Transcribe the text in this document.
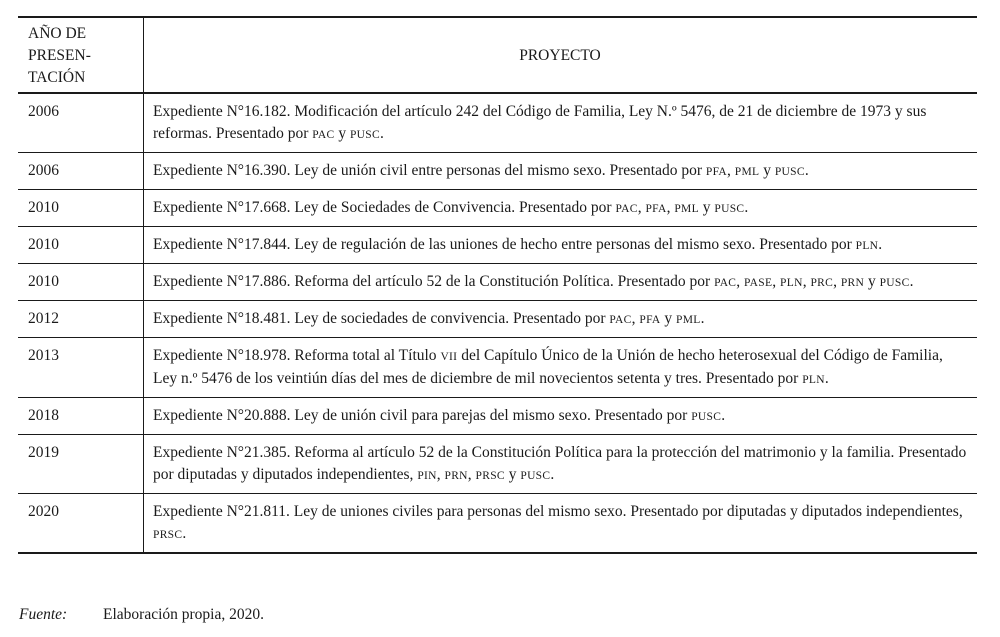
AÑO DE
PRESEN-
TACIÓN	PROYECTO
2006	Expediente N°16.182. Modificación del artículo 242 del Código de Familia, Ley N.º 5476, de 21 de diciembre de 1973 y sus reformas. Presentado por PAC y PUSC.
2006	Expediente N°16.390. Ley de unión civil entre personas del mismo sexo. Presentado por PFA, PML y PUSC.
2010	Expediente N°17.668. Ley de Sociedades de Convivencia. Presentado por PAC, PFA, PML y PUSC.
2010	Expediente N°17.844. Ley de regulación de las uniones de hecho entre personas del mismo sexo. Presentado por PLN.
2010	Expediente N°17.886. Reforma del artículo 52 de la Constitución Política. Presentado por PAC, PASE, PLN, PRC, PRN y PUSC.
2012	Expediente N°18.481. Ley de sociedades de convivencia. Presentado por PAC, PFA y PML.
2013	Expediente N°18.978. Reforma total al Título VII del Capítulo Único de la Unión de hecho heterosexual del Código de Familia, Ley n.º 5476 de los veintiún días del mes de diciembre de mil novecientos setenta y tres. Presentado por PLN.
2018	Expediente N°20.888. Ley de unión civil para parejas del mismo sexo. Presentado por PUSC.
2019	Expediente N°21.385. Reforma al artículo 52 de la Constitución Política para la protección del matrimonio y la familia. Presentado por diputadas y diputados independientes, PIN, PRN, PRSC y PUSC.
2020	Expediente N°21.811. Ley de uniones civiles para personas del mismo sexo. Presentado por diputadas y diputados independientes, PRSC.
Fuente:	Elaboración propia, 2020.
